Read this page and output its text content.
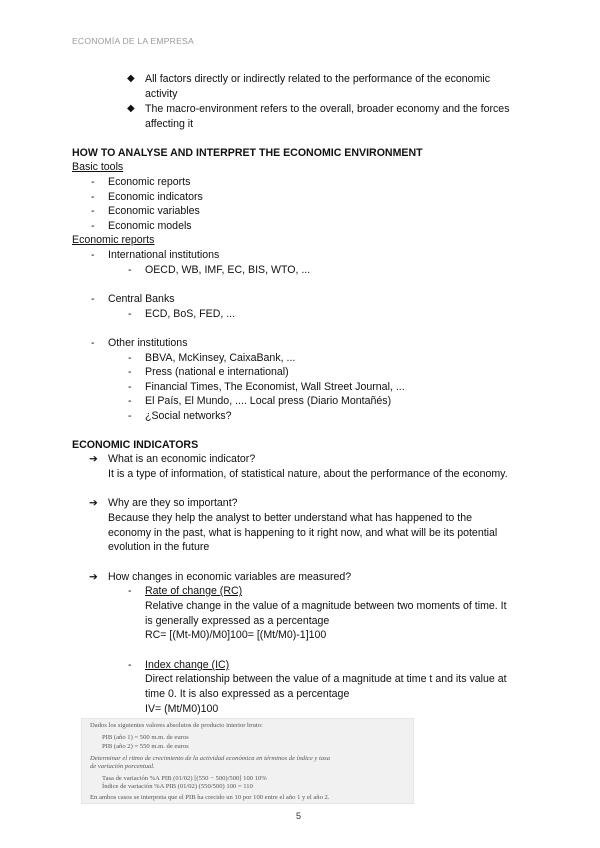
ECONOMÍA DE LA EMPRESA
◆ All factors directly or indirectly related to the performance of the economic
activity
◆ The macro-environment refers to the overall, broader economy and the forces
affecting it
HOW TO ANALYSE AND INTERPRET THE ECONOMIC ENVIRONMENT
Basic tools
- Economic reports
- Economic indicators
- Economic variables
- Economic models
Economic reports
- International institutions
- OECD, WB, IMF, EC, BIS, WTO, ...
- Central Banks
- ECD, BoS, FED, ...
- Other institutions
- BBVA, McKinsey, CaixaBank, ...
- Press (national e international)
- Financial Times, The Economist, Wall Street Journal, ...
- El País, El Mundo, .... Local press (Diario Montañés)
- ¿Social networks?
ECONOMIC INDICATORS
➔ What is an economic indicator?
It is a type of information, of statistical nature, about the performance of the economy.
➔ Why are they so important?
Because they help the analyst to better understand what has happened to the
economy in the past, what is happening to it right now, and what will be its potential
evolution in the future
➔ How changes in economic variables are measured?
- Rate of change (RC)
Relative change in the value of a magnitude between two moments of time. It
is generally expressed as a percentage
RC= [(Mt-M0)/M0]100= [(Mt/M0)-1]100
- Index change (IC)
Direct relationship between the value of a magnitude at time t and its value at
time 0. It is also expressed as a percentage
IV= (Mt/M0)100
Dados los siguientes valores absolutos de producto interior bruto:
PIB (año 1) = 500 m.m. de euros
PIB (año 2) = 550 m.m. de euros
Determinar el ritmo de crecimiento de la actividad económica en términos de índice y tasa
de variación porcentual.
Tasa de variación %A PIB (01/02) [(550 − 500)/500] 100 10%
Índice de variación %A PIB (01/02) (550/500) 100 = 110
En ambos casos se interpreta que el PIB ha crecido un 10 por 100 entre el año 1 y el año 2.
5
